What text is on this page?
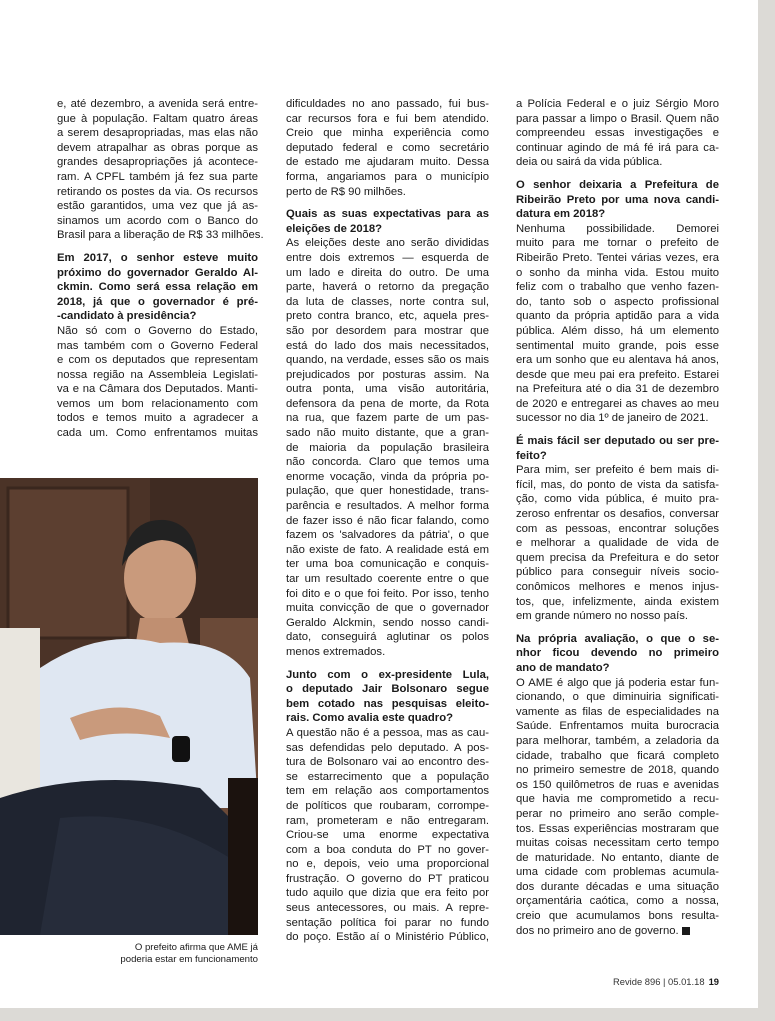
e, até dezembro, a avenida será entre-
gue à população. Faltam quatro áreas
a serem desapropriadas, mas elas não
devem atrapalhar as obras porque as
grandes desapropriações já acontece-
ram. A CPFL também já fez sua parte
retirando os postes da via. Os recursos
estão garantidos, uma vez que já as-
sinamos um acordo com o Banco do
Brasil para a liberação de R$ 33 milhões.
Em 2017, o senhor esteve muito
próximo do governador Geraldo Al-
ckmin. Como será essa relação em
2018, já que o governador é pré-
-candidato à presidência?
Não só com o Governo do Estado,
mas também com o Governo Federal
e com os deputados que representam
nossa região na Assembleia Legislati-
va e na Câmara dos Deputados. Manti-
vemos um bom relacionamento com
todos e temos muito a agradecer a
cada um. Como enfrentamos muitas
dificuldades no ano passado, fui bus-
car recursos fora e fui bem atendido.
Creio que minha experiência como
deputado federal e como secretário
de estado me ajudaram muito. Dessa
forma, angariamos para o município
perto de R$ 90 milhões.
Quais as suas expectativas para as
eleições de 2018?
As eleições deste ano serão divididas
entre dois extremos — esquerda de
um lado e direita do outro. De uma
parte, haverá o retorno da pregação
da luta de classes, norte contra sul,
preto contra branco, etc, aquela pres-
são por desordem para mostrar que
está do lado dos mais necessitados,
quando, na verdade, esses são os mais
prejudicados por posturas assim. Na
outra ponta, uma visão autoritária,
defensora da pena de morte, da Rota
na rua, que fazem parte de um pas-
sado não muito distante, que a gran-
de maioria da população brasileira
não concorda. Claro que temos uma
enorme vocação, vinda da própria po-
pulação, que quer honestidade, trans-
parência e resultados. A melhor forma
de fazer isso é não ficar falando, como
fazem os 'salvadores da pátria', o que
não existe de fato. A realidade está em
ter uma boa comunicação e conquis-
tar um resultado coerente entre o que
foi dito e o que foi feito. Por isso, tenho
muita convicção de que o governador
Geraldo Alckmin, sendo nosso candi-
dato, conseguirá aglutinar os polos
menos extremados.
Junto com o ex-presidente Lula,
o deputado Jair Bolsonaro segue
bem cotado nas pesquisas eleito-
rais. Como avalia este quadro?
A questão não é a pessoa, mas as cau-
sas defendidas pelo deputado. A pos-
tura de Bolsonaro vai ao encontro des-
se estarrecimento que a população
tem em relação aos comportamentos
de políticos que roubaram, corrompe-
ram, prometeram e não entregaram.
Criou-se uma enorme expectativa
com a boa conduta do PT no gover-
no e, depois, veio uma proporcional
frustração. O governo do PT praticou
tudo aquilo que dizia que era feito por
seus antecessores, ou mais. A repre-
sentação política foi parar no fundo
do poço. Estão aí o Ministério Público,
a Polícia Federal e o juiz Sérgio Moro
para passar a limpo o Brasil. Quem não
compreendeu essas investigações e
continuar agindo de má fé irá para ca-
deia ou sairá da vida pública.
O senhor deixaria a Prefeitura de
Ribeirão Preto por uma nova candi-
datura em 2018?
Nenhuma possibilidade. Demorei
muito para me tornar o prefeito de
Ribeirão Preto. Tentei várias vezes, era
o sonho da minha vida. Estou muito
feliz com o trabalho que venho fazen-
do, tanto sob o aspecto profissional
quanto da própria aptidão para a vida
pública. Além disso, há um elemento
sentimental muito grande, pois esse
era um sonho que eu alentava há anos,
desde que meu pai era prefeito. Estarei
na Prefeitura até o dia 31 de dezembro
de 2020 e entregarei as chaves ao meu
sucessor no dia 1º de janeiro de 2021.
É mais fácil ser deputado ou ser pre-
feito?
Para mim, ser prefeito é bem mais di-
fícil, mas, do ponto de vista da satisfa-
ção, como vida pública, é muito pra-
zeroso enfrentar os desafios, conversar
com as pessoas, encontrar soluções
e melhorar a qualidade de vida de
quem precisa da Prefeitura e do setor
público para conseguir níveis socio-
conômicos melhores e menos injus-
tos, que, infelizmente, ainda existem
em grande número no nosso país.
Na própria avaliação, o que o se-
nhor ficou devendo no primeiro
ano de mandato?
O AME é algo que já poderia estar fun-
cionando, o que diminuiria significati-
vamente as filas de especialidades na
Saúde. Enfrentamos muita burocracia
para melhorar, também, a zeladoria da
cidade, trabalho que ficará completo
no primeiro semestre de 2018, quando
os 150 quilômetros de ruas e avenidas
que havia me comprometido a recu-
perar no primeiro ano serão comple-
tos. Essas experiências mostraram que
muitas coisas necessitam certo tempo
de maturidade. No entanto, diante de
uma cidade com problemas acumula-
dos durante décadas e uma situação
orçamentária caótica, como a nossa,
creio que acumulamos bons resulta-
dos no primeiro ano de governo.
O prefeito afirma que AME já
poderia estar em funcionamento
Revide 896 | 05.01.18 19
